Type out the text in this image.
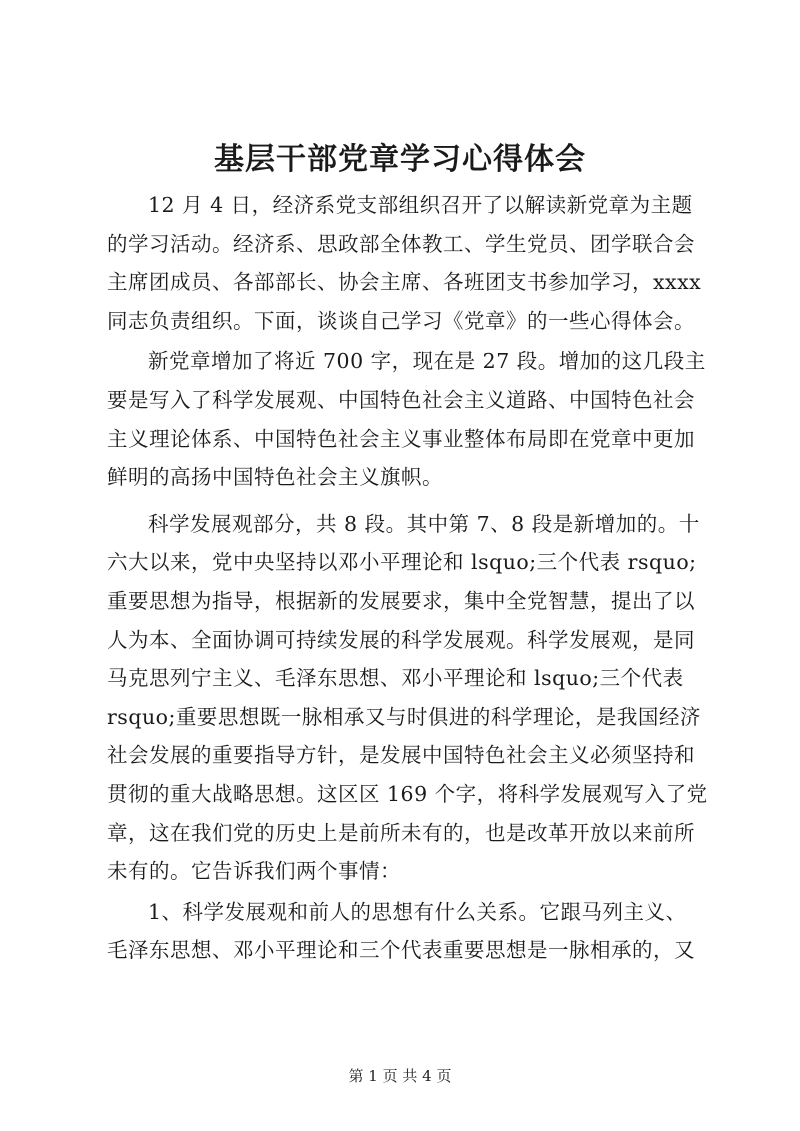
基层干部党章学习心得体会

12 月 4 日，经济系党支部组织召开了以解读新党章为主题
的学习活动。经济系、思政部全体教工、学生党员、团学联合会
主席团成员、各部部长、协会主席、各班团支书参加学习，xxxx
同志负责组织。下面，谈谈自己学习《党章》的一些心得体会。

新党章增加了将近 700 字，现在是 27 段。增加的这几段主
要是写入了科学发展观、中国特色社会主义道路、中国特色社会
主义理论体系、中国特色社会主义事业整体布局即在党章中更加
鲜明的高扬中国特色社会主义旗帜。

科学发展观部分，共 8 段。其中第 7、8 段是新增加的。十
六大以来，党中央坚持以邓小平理论和 lsquo;三个代表 rsquo;
重要思想为指导，根据新的发展要求，集中全党智慧，提出了以
人为本、全面协调可持续发展的科学发展观。科学发展观，是同
马克思列宁主义、毛泽东思想、邓小平理论和 lsquo;三个代表
rsquo;重要思想既一脉相承又与时俱进的科学理论，是我国经济
社会发展的重要指导方针，是发展中国特色社会主义必须坚持和
贯彻的重大战略思想。这区区 169 个字，将科学发展观写入了党
章，这在我们党的历史上是前所未有的，也是改革开放以来前所
未有的。它告诉我们两个事情：

1、科学发展观和前人的思想有什么关系。它跟马列主义、
毛泽东思想、邓小平理论和三个代表重要思想是一脉相承的，又

第 1 页 共 4 页
